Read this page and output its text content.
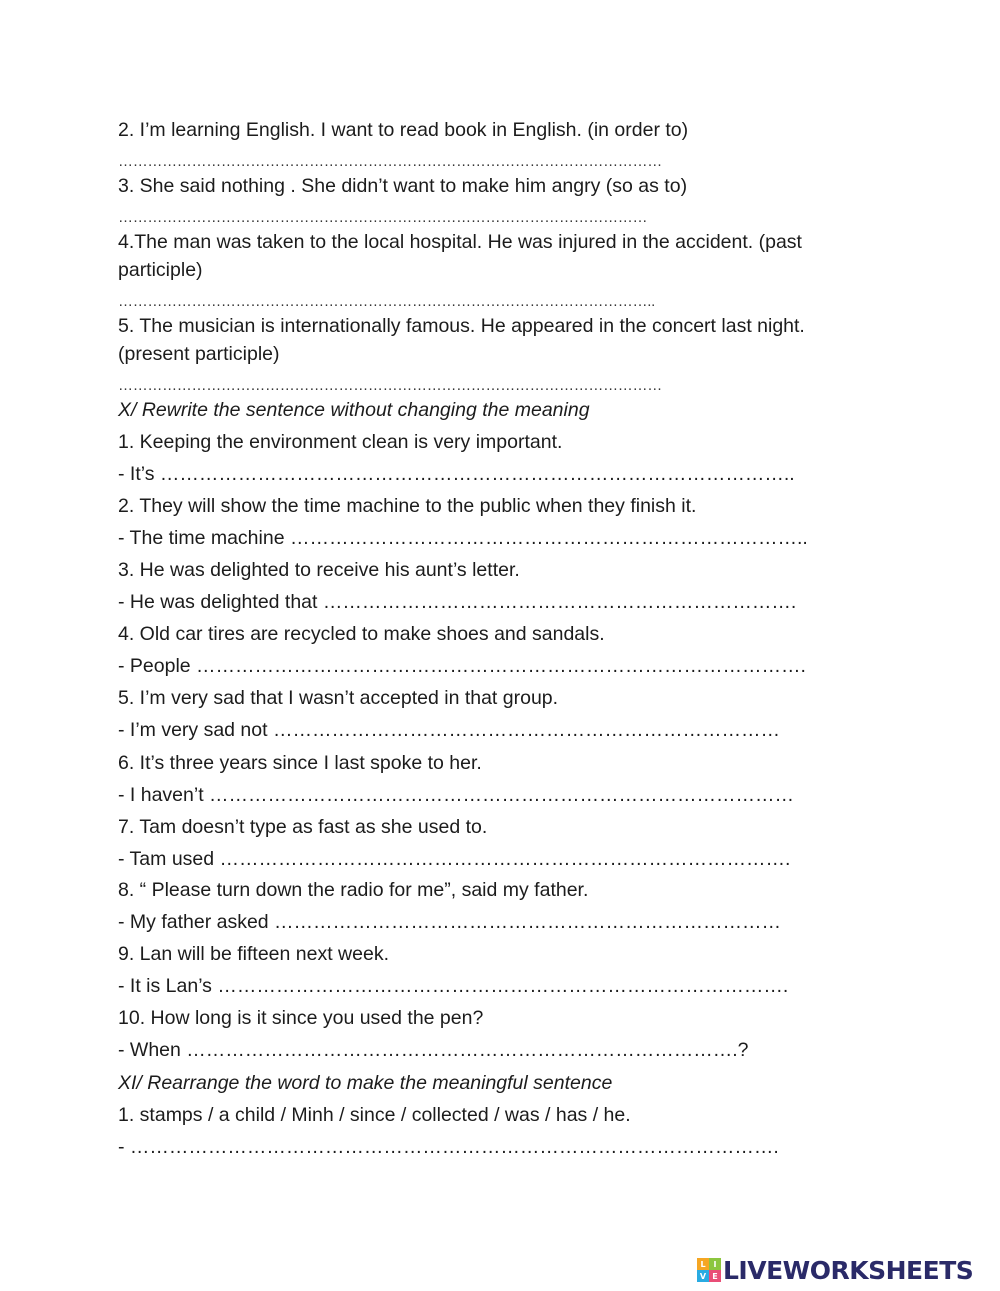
2. I’m learning English. I want to read book in English. (in order to)
…………………………………………………………………………………………………
3. She said nothing . She didn’t want to make him angry (so as to)
………………………………………………………………………………………………
4.The man was taken to the local hospital. He was injured in the accident. (past
participle)
………………………………………………………………………………………………..
5. The musician is internationally famous. He appeared in the concert last night.
(present participle)
…………………………………………………………………………………………………
X/ Rewrite the sentence without changing the meaning
1. Keeping the environment clean is very important.
- It’s ……………………………………………………………………………………..
2. They will show the time machine to the public when they finish it.
- The time machine ……………………………………………………………………..
3. He was delighted to receive his aunt’s letter.
- He was delighted that ……………………………………………………………….
4. Old car tires are recycled to make shoes and sandals.
- People ………………………………………………………………………………….
5. I’m very sad that I wasn’t accepted in that group.
- I’m very sad not ……………………………………………………………………
6. It’s three years since I last spoke to her.
- I haven’t ………………………………………………………………………………
7. Tam doesn’t type as fast as she used to.
- Tam used …………………………………………………………………………….
8. “ Please turn down the radio for me”, said my father.
- My father asked ……………………………………………………………………
9. Lan will be fifteen next week.
- It is Lan’s …………………………………………………………………………….
10. How long is it since you used the pen?
- When ………………………………………………………………………….?
XI/ Rearrange the word to make the meaningful sentence
1. stamps / a child / Minh / since / collected / was / has / he.
- ……………………………………………………………………………………….
L I
V E LIVEWORKSHEETS
